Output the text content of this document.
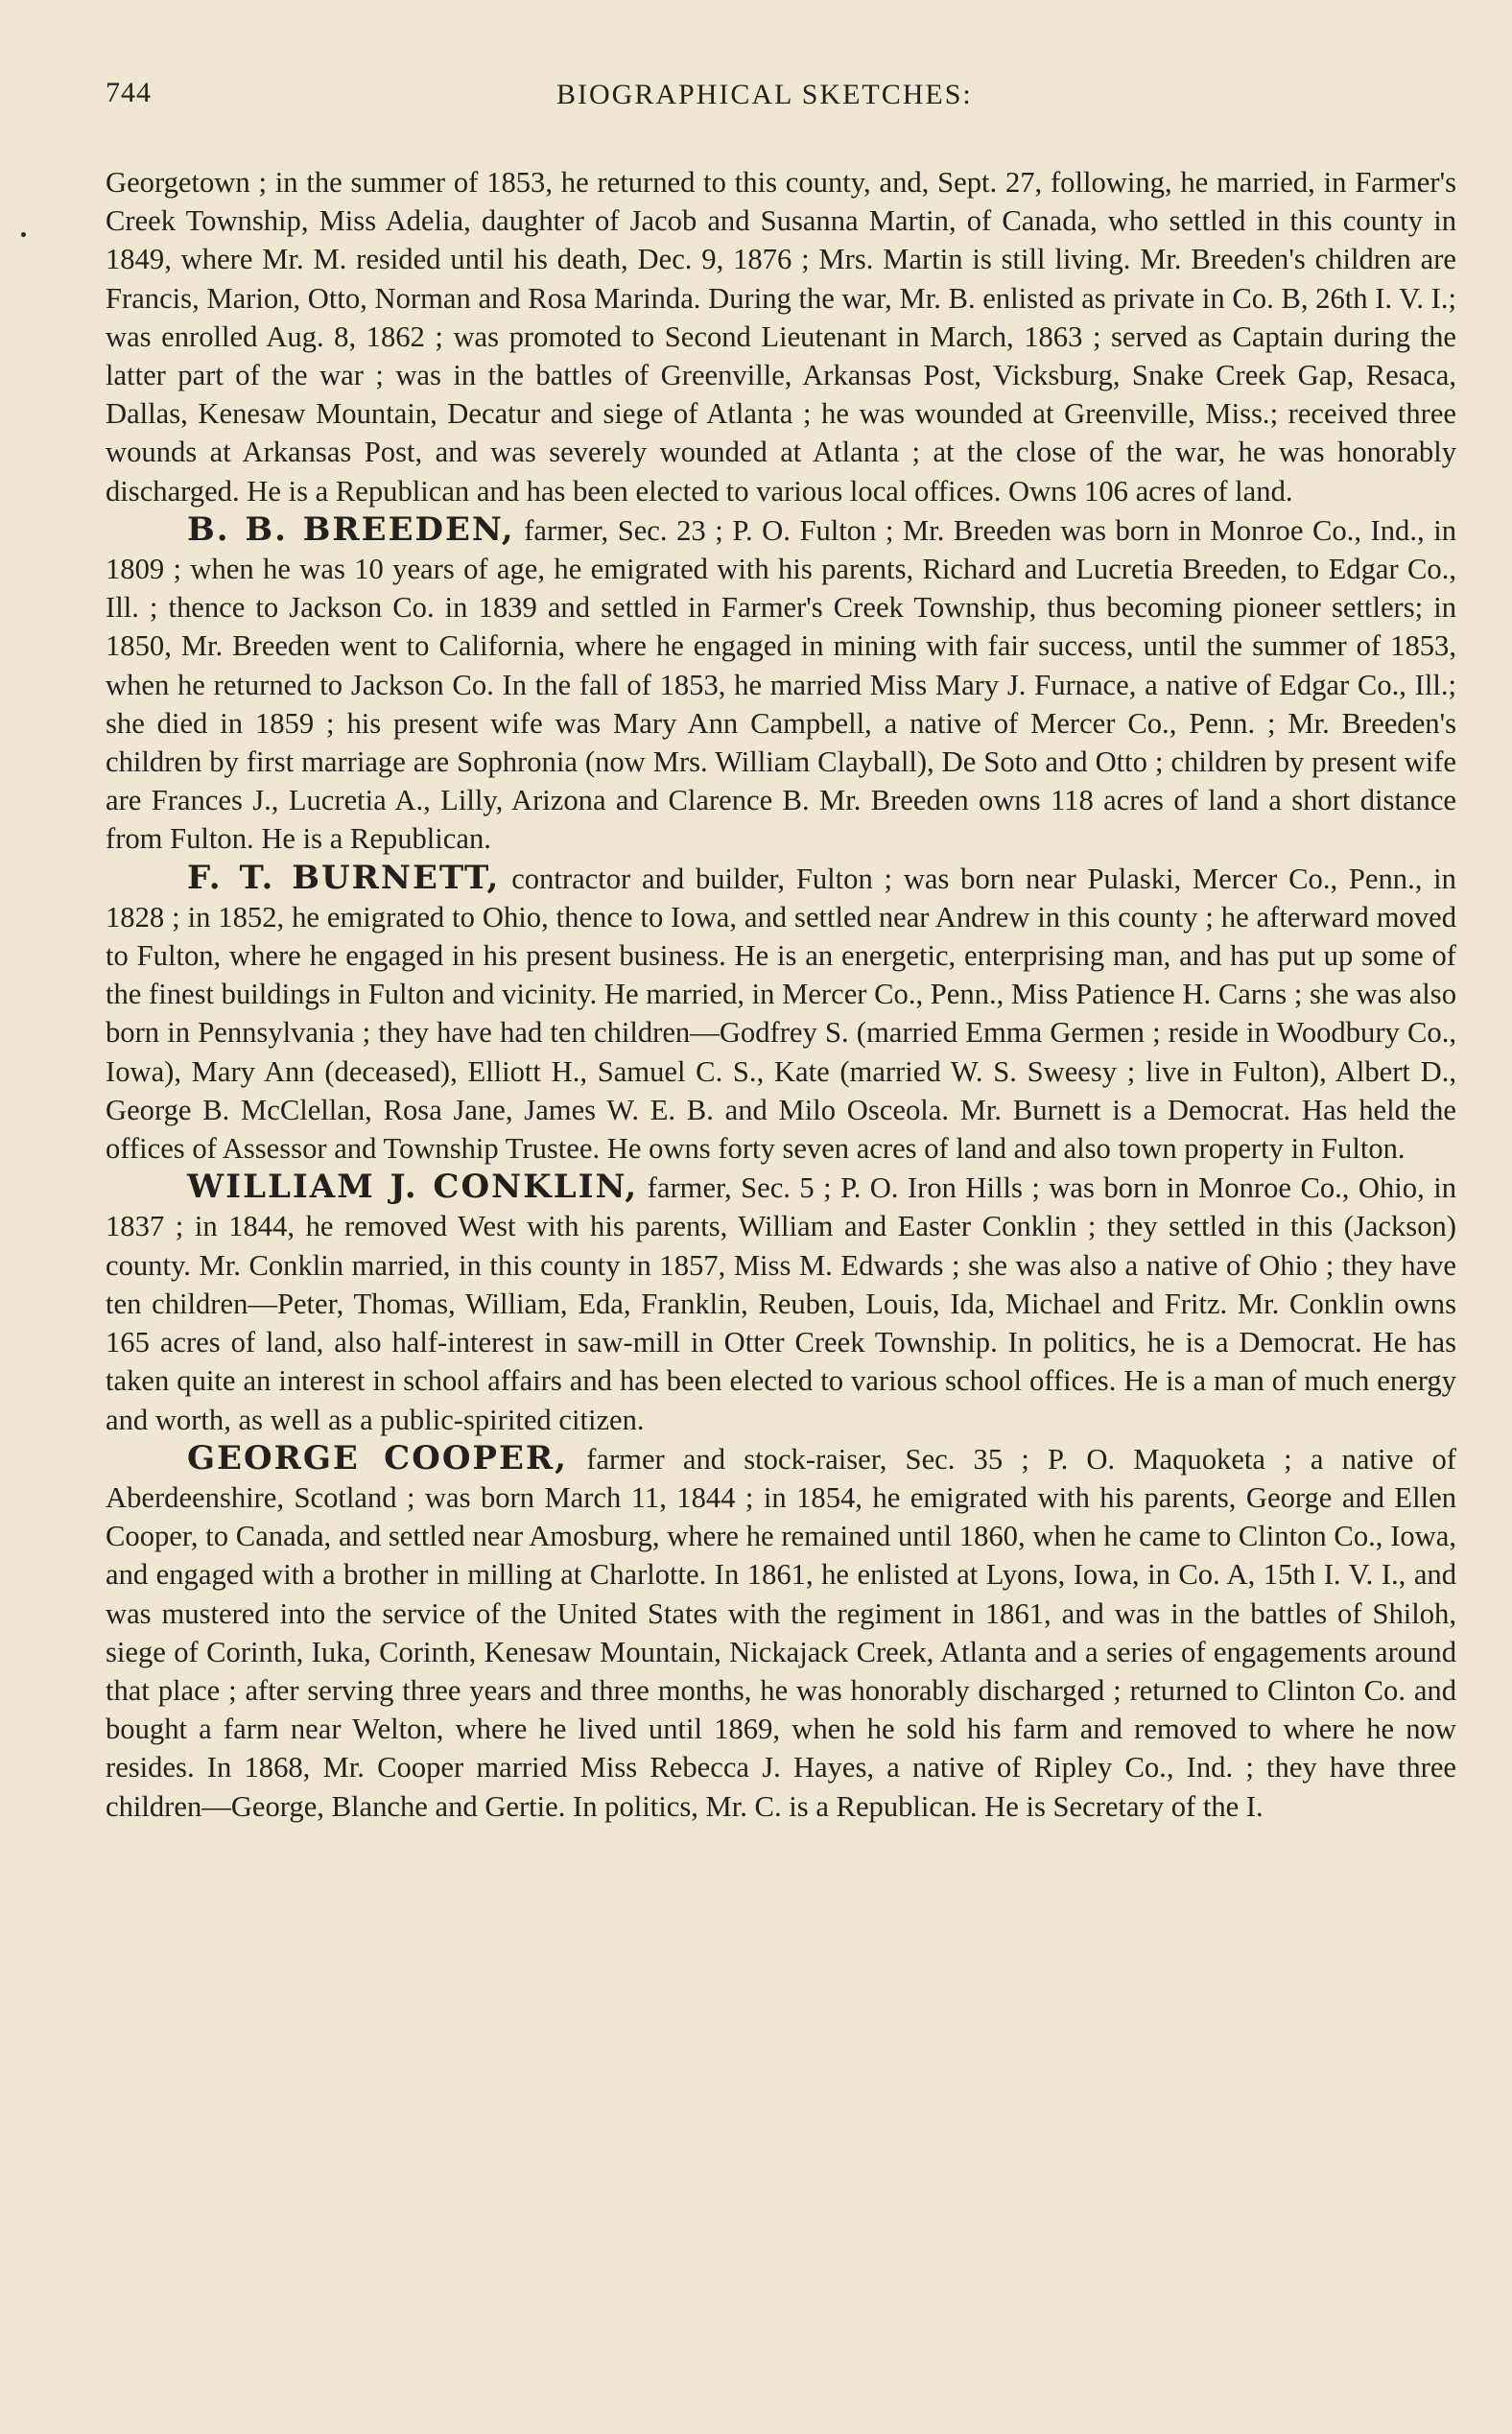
744	BIOGRAPHICAL SKETCHES:

Georgetown ; in the summer of 1853, he returned to this county, and, Sept. 27, following, he married, in Farmer's Creek Township, Miss Adelia, daughter of Jacob and Susanna Martin, of Canada, who settled in this county in 1849, where Mr. M. resided until his death, Dec. 9, 1876 ; Mrs. Martin is still living. Mr. Breeden's children are Francis, Marion, Otto, Norman and Rosa Marinda. During the war, Mr. B. enlisted as private in Co. B, 26th I. V. I.; was enrolled Aug. 8, 1862 ; was promoted to Second Lieutenant in March, 1863 ; served as Captain during the latter part of the war ; was in the battles of Greenville, Arkansas Post, Vicksburg, Snake Creek Gap, Resaca, Dallas, Kenesaw Mountain, Decatur and siege of Atlanta ; he was wounded at Greenville, Miss.; received three wounds at Arkansas Post, and was severely wounded at Atlanta ; at the close of the war, he was honorably discharged. He is a Republican and has been elected to various local offices. Owns 106 acres of land.

B. B. BREEDEN, farmer, Sec. 23 ; P. O. Fulton ; Mr. Breeden was born in Monroe Co., Ind., in 1809 ; when he was 10 years of age, he emigrated with his parents, Richard and Lucretia Breeden, to Edgar Co., Ill. ; thence to Jackson Co. in 1839 and settled in Farmer's Creek Township, thus becoming pioneer settlers; in 1850, Mr. Breeden went to California, where he engaged in mining with fair success, until the summer of 1853, when he returned to Jackson Co. In the fall of 1853, he married Miss Mary J. Furnace, a native of Edgar Co., Ill.; she died in 1859 ; his present wife was Mary Ann Campbell, a native of Mercer Co., Penn. ; Mr. Breeden's children by first marriage are Sophronia (now Mrs. William Clayball), De Soto and Otto ; children by present wife are Frances J., Lucretia A., Lilly, Arizona and Clarence B. Mr. Breeden owns 118 acres of land a short distance from Fulton. He is a Republican.

F. T. BURNETT, contractor and builder, Fulton ; was born near Pulaski, Mercer Co., Penn., in 1828 ; in 1852, he emigrated to Ohio, thence to Iowa, and settled near Andrew in this county ; he afterward moved to Fulton, where he engaged in his present business. He is an energetic, enterprising man, and has put up some of the finest buildings in Fulton and vicinity. He married, in Mercer Co., Penn., Miss Patience H. Carns ; she was also born in Pennsylvania ; they have had ten children—Godfrey S. (married Emma Germen ; reside in Woodbury Co., Iowa), Mary Ann (deceased), Elliott H., Samuel C. S., Kate (married W. S. Sweesy ; live in Fulton), Albert D., George B. McClellan, Rosa Jane, James W. E. B. and Milo Osceola. Mr. Burnett is a Democrat. Has held the offices of Assessor and Township Trustee. He owns forty seven acres of land and also town property in Fulton.

WILLIAM J. CONKLIN, farmer, Sec. 5 ; P. O. Iron Hills ; was born in Monroe Co., Ohio, in 1837 ; in 1844, he removed West with his parents, William and Easter Conklin ; they settled in this (Jackson) county. Mr. Conklin married, in this county in 1857, Miss M. Edwards ; she was also a native of Ohio ; they have ten children—Peter, Thomas, William, Eda, Franklin, Reuben, Louis, Ida, Michael and Fritz. Mr. Conklin owns 165 acres of land, also half-interest in saw-mill in Otter Creek Township. In politics, he is a Democrat. He has taken quite an interest in school affairs and has been elected to various school offices. He is a man of much energy and worth, as well as a public-spirited citizen.

GEORGE COOPER, farmer and stock-raiser, Sec. 35 ; P. O. Maquoketa ; a native of Aberdeenshire, Scotland ; was born March 11, 1844 ; in 1854, he emigrated with his parents, George and Ellen Cooper, to Canada, and settled near Amosburg, where he remained until 1860, when he came to Clinton Co., Iowa, and engaged with a brother in milling at Charlotte. In 1861, he enlisted at Lyons, Iowa, in Co. A, 15th I. V. I., and was mustered into the service of the United States with the regiment in 1861, and was in the battles of Shiloh, siege of Corinth, Iuka, Corinth, Kenesaw Mountain, Nickajack Creek, Atlanta and a series of engagements around that place ; after serving three years and three months, he was honorably discharged ; returned to Clinton Co. and bought a farm near Welton, where he lived until 1869, when he sold his farm and removed to where he now resides. In 1868, Mr. Cooper married Miss Rebecca J. Hayes, a native of Ripley Co., Ind. ; they have three children—George, Blanche and Gertie. In politics, Mr. C. is a Republican. He is Secretary of the I.
